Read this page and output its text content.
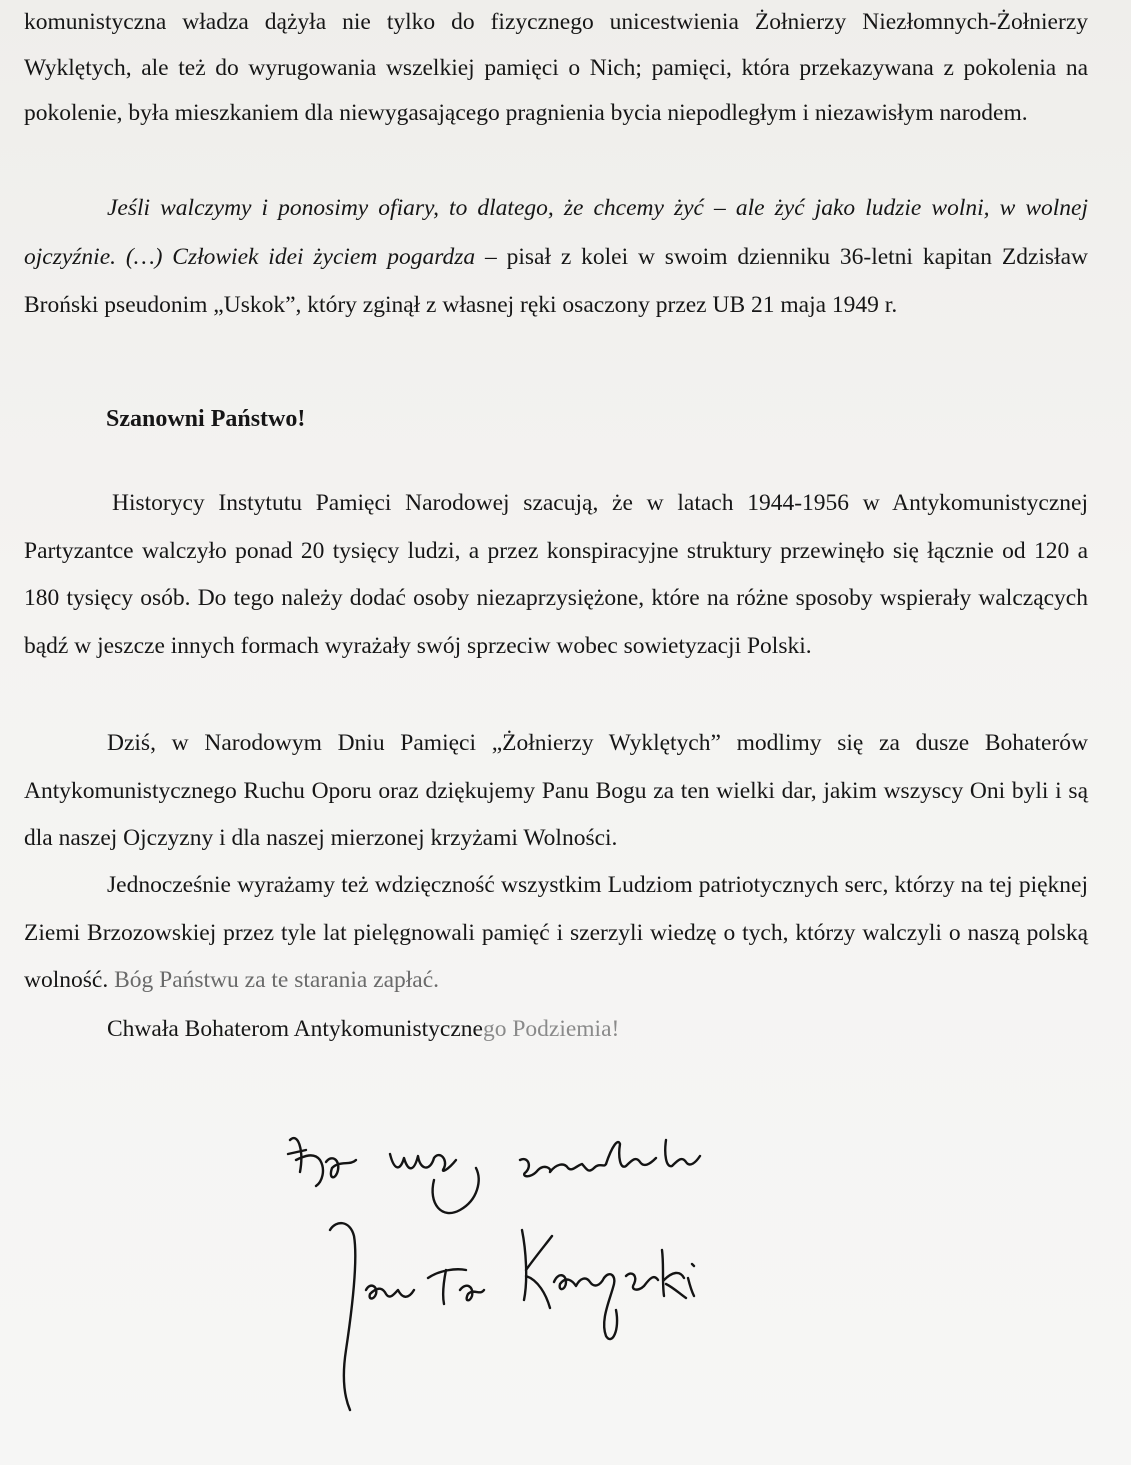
komunistyczna władza dążyła nie tylko do fizycznego unicestwienia Żołnierzy Niezłomnych-Żołnierzy Wyklętych, ale też do wyrugowania wszelkiej pamięci o Nich; pamięci, która przekazywana z pokolenia na pokolenie, była mieszkaniem dla niewygasającego pragnienia bycia niepodległym i niezawisłym narodem.

Jeśli walczymy i ponosimy ofiary, to dlatego, że chcemy żyć – ale żyć jako ludzie wolni, w wolnej ojczyźnie. (…) Człowiek idei życiem pogardza – pisał z kolei w swoim dzienniku 36-letni kapitan Zdzisław Broński pseudonim „Uskok”, który zginął z własnej ręki osaczony przez UB 21 maja 1949 r.

Szanowni Państwo!

Historycy Instytutu Pamięci Narodowej szacują, że w latach 1944-1956 w Antykomunistycznej Partyzantce walczyło ponad 20 tysięcy ludzi, a przez konspiracyjne struktury przewinęło się łącznie od 120 a 180 tysięcy osób. Do tego należy dodać osoby niezaprzysiężone, które na różne sposoby wspierały walczących bądź w jeszcze innych formach wyrażały swój sprzeciw wobec sowietyzacji Polski.

Dziś, w Narodowym Dniu Pamięci „Żołnierzy Wyklętych” modlimy się za dusze Bohaterów Antykomunistycznego Ruchu Oporu oraz dziękujemy Panu Bogu za ten wielki dar, jakim wszyscy Oni byli i są dla naszej Ojczyzny i dla naszej mierzonej krzyżami Wolności.

Jednocześnie wyrażamy też wdzięczność wszystkim Ludziom patriotycznych serc, którzy na tej pięknej Ziemi Brzozowskiej przez tyle lat pielęgnowali pamięć i szerzyli wiedzę o tych, którzy walczyli o naszą polską wolność. Bóg Państwu za te starania zapłać.

Chwała Bohaterom Antykomunistycznego Podziemia!
